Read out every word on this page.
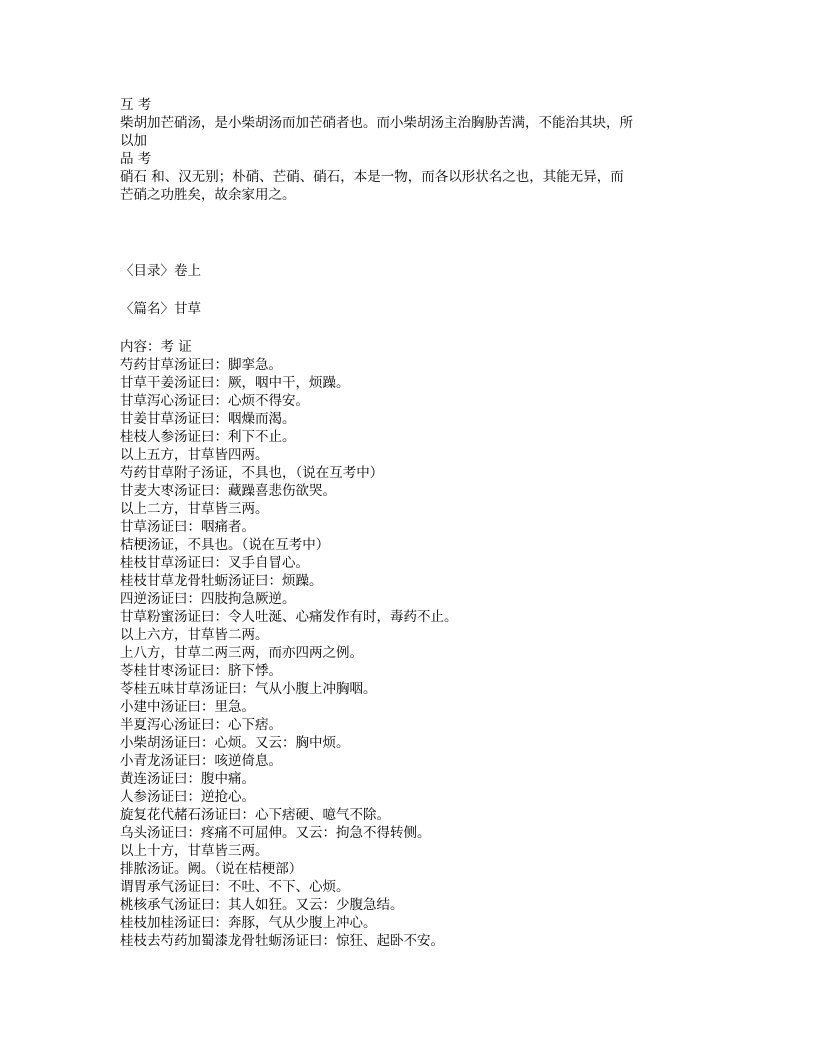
互 考

柴胡加芒硝汤，是小柴胡汤而加芒硝者也。而小柴胡汤主治胸胁苦满，不能治其块，所

以加

品 考

硝石 和、汉无别；朴硝、芒硝、硝石，本是一物，而各以形状名之也，其能无异，而

芒硝之功胜矣，故余家用之。

〈目录〉卷上

〈篇名〉甘草

内容：考 证

芍药甘草汤证曰：脚挛急。

甘草干姜汤证曰：厥，咽中干，烦躁。

甘草泻心汤证曰：心烦不得安。

甘姜甘草汤证曰：咽燥而渴。

桂枝人参汤证曰：利下不止。

以上五方，甘草皆四两。

芍药甘草附子汤证，不具也，（说在互考中）

甘麦大枣汤证曰：藏躁喜悲伤欲哭。

以上二方，甘草皆三两。

甘草汤证曰：咽痛者。

桔梗汤证，不具也。（说在互考中）

桂枝甘草汤证曰：叉手自冒心。

桂枝甘草龙骨牡蛎汤证曰：烦躁。

四逆汤证曰：四肢拘急厥逆。

甘草粉蜜汤证曰：令人吐涎、心痛发作有时，毒药不止。

以上六方，甘草皆二两。

上八方，甘草二两三两，而亦四两之例。

苓桂甘枣汤证曰：脐下悸。

苓桂五味甘草汤证曰：气从小腹上冲胸咽。

小建中汤证曰：里急。

半夏泻心汤证曰：心下痞。

小柴胡汤证曰：心烦。又云：胸中烦。

小青龙汤证曰：咳逆倚息。

黄连汤证曰：腹中痛。

人参汤证曰：逆抢心。

旋复花代赭石汤证曰：心下痞硬、噫气不除。

乌头汤证曰：疼痛不可屈伸。又云：拘急不得转侧。

以上十方，甘草皆三两。

排脓汤证。阙。（说在桔梗部）

谓胃承气汤证曰：不吐、不下、心烦。

桃核承气汤证曰：其人如狂。又云：少腹急结。

桂枝加桂汤证曰：奔豚，气从少腹上冲心。

桂枝去芍药加蜀漆龙骨牡蛎汤证曰：惊狂、起卧不安。
